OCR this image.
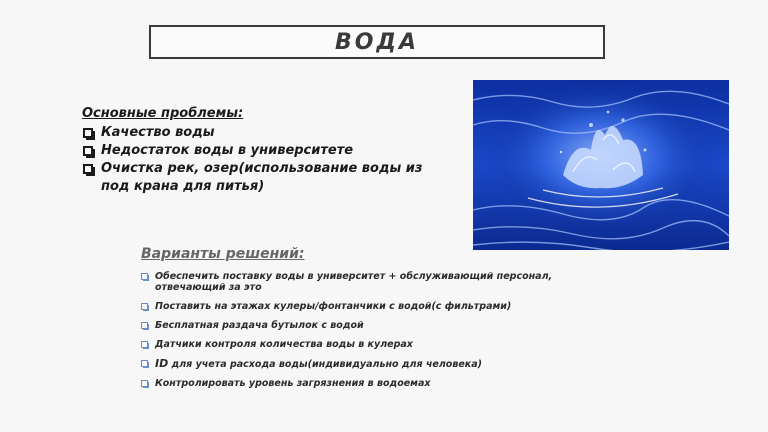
ВОДА
Основные проблемы:
Качество воды
Недостаток воды в университете
Очистка рек, озер(использование воды из под крана для питья)
Варианты решений:
Обеспечить поставку воды в университет + обслуживающий персонал, отвечающий за это
Поставить на этажах кулеры/фонтанчики с водой(с фильтрами)
Бесплатная раздача бутылок с водой
Датчики контроля количества воды в кулерах
ID для учета расхода воды(индивидуально для человека)
Контролировать уровень загрязнения в водоемах
